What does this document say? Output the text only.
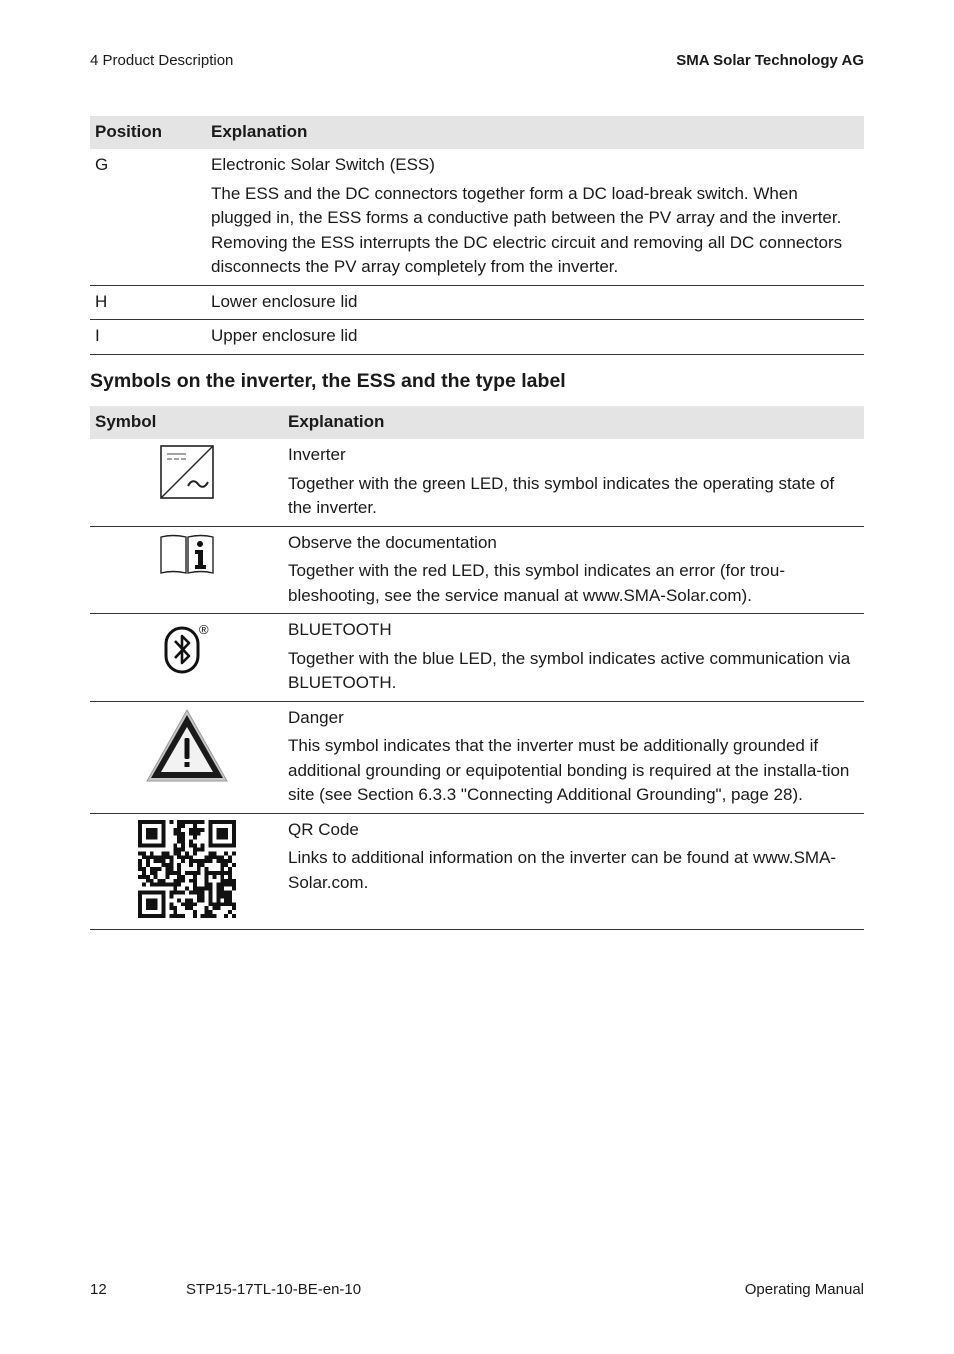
4 Product Description	SMA Solar Technology AG
Position	Explanation
G	Electronic Solar Switch (ESS)

The ESS and the DC connectors together form a DC load-break switch. When plugged in, the ESS forms a conductive path between the PV array and the inverter. Removing the ESS interrupts the DC electric circuit and removing all DC connectors disconnects the PV array completely from the inverter.

H	Lower enclosure lid

I	Upper enclosure lid

Symbols on the inverter, the ESS and the type label
Symbol	Explanation

Inverter

Together with the green LED, this symbol indicates the operating state of the inverter.

Observe the documentation

Together with the red LED, this symbol indicates an error (for trou-bleshooting, see the service manual at www.SMA-Solar.com).

®	BLUETOOTH

Together with the blue LED, the symbol indicates active communication via BLUETOOTH.

Danger

This symbol indicates that the inverter must be additionally grounded if additional grounding or equipotential bonding is required at the installa-tion site (see Section 6.3.3 "Connecting Additional Grounding", page 28).

QR Code

Links to additional information on the inverter can be found at www.SMA-Solar.com.

12	STP15-17TL-10-BE-en-10	Operating Manual
